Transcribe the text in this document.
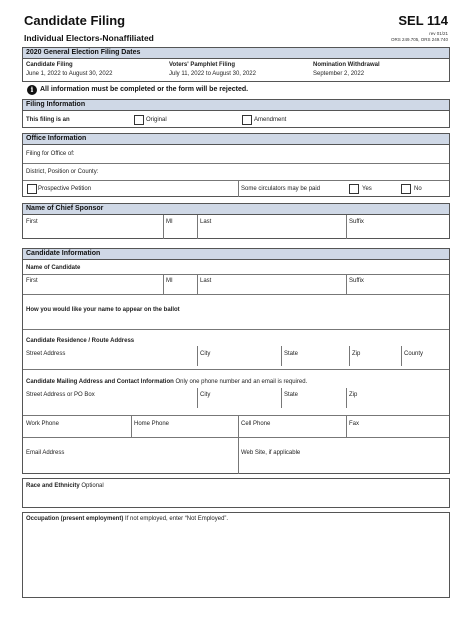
Candidate Filing
Individual Electors-Nonaffiliated
SEL 114
rev 01/21
ORS 249.705, ORS 249.740
2020 General Election Filing Dates
Candidate Filing
June 1, 2022 to August 30, 2022
Voters' Pamphlet Filing
July 11, 2022 to August 30, 2022
Nomination Withdrawal
September 2, 2022
i All information must be completed or the form will be rejected.
Filing Information
This filing is an	Original	Amendment
Office Information
Filing for Office of:
District, Position or County:
Prospective Petition	Some circulators may be paid	Yes	No
Name of Chief Sponsor
First	MI	Last	Suffix
Candidate Information
Name of Candidate
First	MI	Last	Suffix
How you would like your name to appear on the ballot
Candidate Residence / Route Address
Street Address	City	State	Zip	County
Candidate Mailing Address and Contact Information Only one phone number and an email is required.
Street Address or PO Box	City	State	Zip
Work Phone	Home Phone	Cell Phone	Fax
Email Address	Web Site, if applicable
Race and Ethnicity Optional
Occupation (present employment) If not employed, enter “Not Employed”.
